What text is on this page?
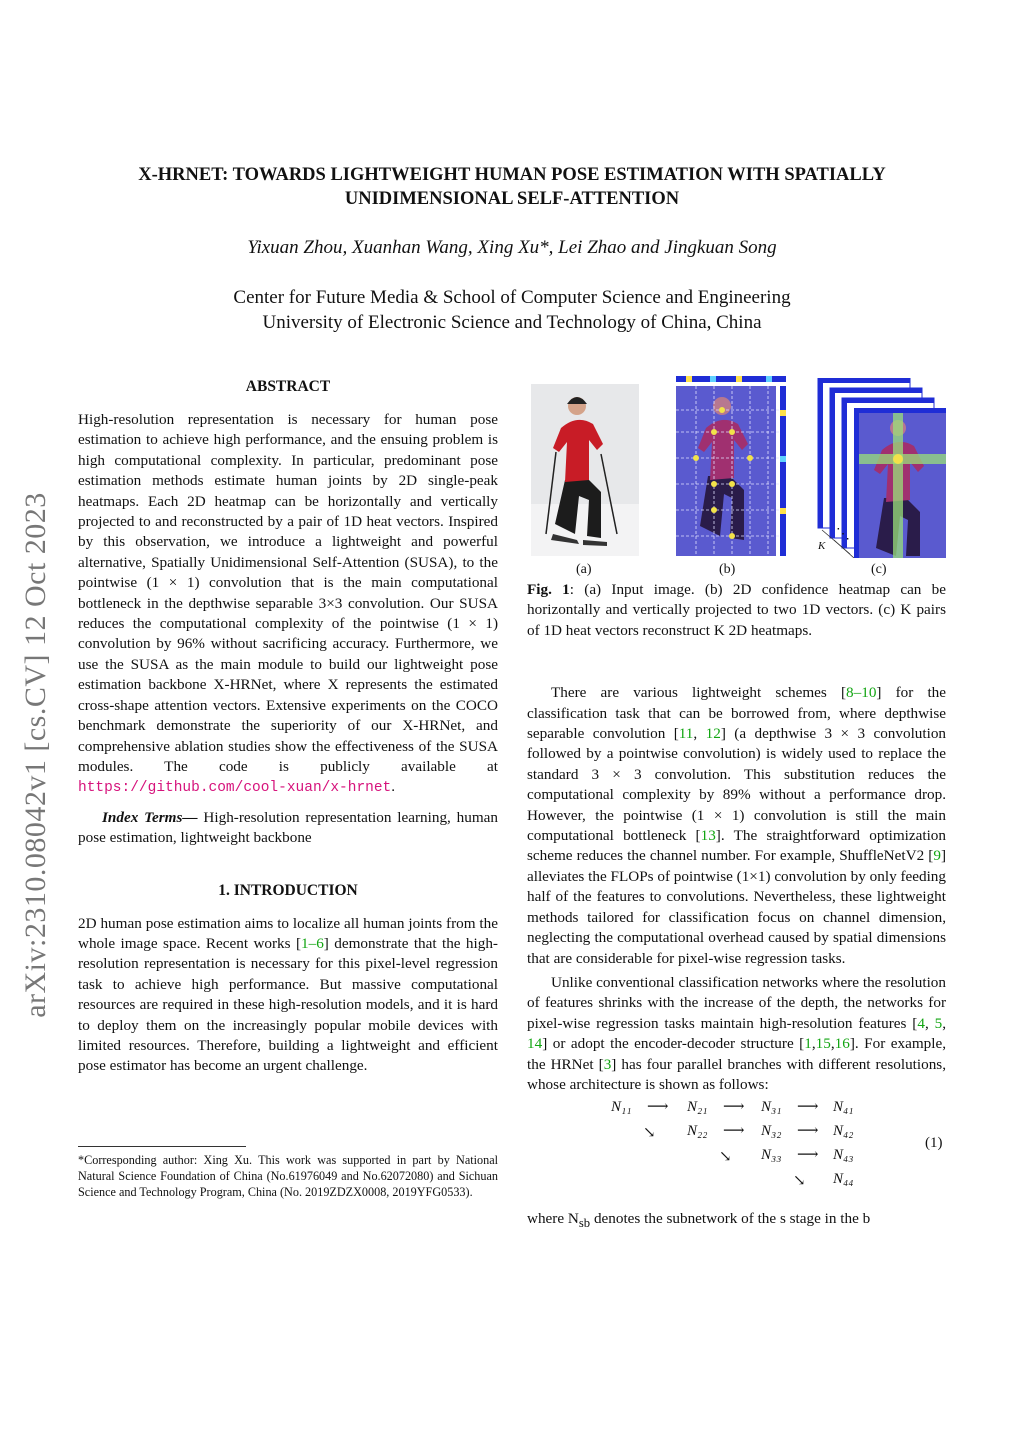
arXiv:2310.08042v1 [cs.CV] 12 Oct 2023
X-HRNET: TOWARDS LIGHTWEIGHT HUMAN POSE ESTIMATION WITH SPATIALLY
UNIDIMENSIONAL SELF-ATTENTION
Yixuan Zhou, Xuanhan Wang, Xing Xu*, Lei Zhao and Jingkuan Song
Center for Future Media & School of Computer Science and Engineering
University of Electronic Science and Technology of China, China
ABSTRACT

High-resolution representation is necessary for human pose estimation to achieve high performance, and the ensuing problem is high computational complexity. In particular, predominant pose estimation methods estimate human joints by 2D single-peak heatmaps. Each 2D heatmap can be horizontally and vertically projected to and reconstructed by a pair of 1D heat vectors. Inspired by this observation, we introduce a lightweight and powerful alternative, Spatially Unidimensional Self-Attention (SUSA), to the pointwise (1 × 1) convolution that is the main computational bottleneck in the depthwise separable 3×3 convolution. Our SUSA reduces the computational complexity of the pointwise (1 × 1) convolution by 96% without sacrificing accuracy. Furthermore, we use the SUSA as the main module to build our lightweight pose estimation backbone X-HRNet, where X represents the estimated cross-shape attention vectors. Extensive experiments on the COCO benchmark demonstrate the superiority of our X-HRNet, and comprehensive ablation studies show the effectiveness of the SUSA modules. The code is publicly available at https://github.com/cool-xuan/x-hrnet.

Index Terms— High-resolution representation learning, human pose estimation, lightweight backbone

1. INTRODUCTION

2D human pose estimation aims to localize all human joints from the whole image space. Recent works [1–6] demonstrate that the high-resolution representation is necessary for this pixel-level regression task to achieve high performance. But massive computational resources are required in these high-resolution models, and it is hard to deploy them on the increasingly popular mobile devices with limited resources. Therefore, building a lightweight and efficient pose estimator has become an urgent challenge.

*Corresponding author: Xing Xu. This work was supported in part by National Natural Science Foundation of China (No.61976049 and No.62072080) and Sichuan Science and Technology Program, China (No. 2019ZDZX0008, 2019YFG0533).
⋱
K
(a)	(b)	(c)

Fig. 1: (a) Input image. (b) 2D confidence heatmap can be horizontally and vertically projected to two 1D vectors. (c) K pairs of 1D heat vectors reconstruct K 2D heatmaps.

There are various lightweight schemes [8–10] for the classification task that can be borrowed from, where depthwise separable convolution [11, 12] (a depthwise 3 × 3 convolution followed by a pointwise convolution) is widely used to replace the standard 3 × 3 convolution. This substitution reduces the computational complexity by 89% without a performance drop. However, the pointwise (1 × 1) convolution is still the main computational bottleneck [13]. The straightforward optimization scheme reduces the channel number. For example, ShuffleNetV2 [9] alleviates the FLOPs of pointwise (1×1) convolution by only feeding half of the features to convolutions. Nevertheless, these lightweight methods tailored for classification focus on channel dimension, neglecting the computational overhead caused by spatial dimensions that are considerable for pixel-wise regression tasks.

Unlike conventional classification networks where the resolution of features shrinks with the increase of the depth, the networks for pixel-wise regression tasks maintain high-resolution features [4, 5, 14] or adopt the encoder-decoder structure [1,15,16]. For example, the HRNet [3] has four parallel branches with different resolutions, whose architecture is shown as follows:

N₁₁ ⟶ N₂₁ ⟶ N₃₁ ⟶ N₄₁
↘ N₂₂ ⟶ N₃₂ ⟶ N₄₂
↘ N₃₃ ⟶ N₄₃
↘ N₄₄
(1)

where $N_{sb}$ denotes the subnetwork of the s stage in the b
